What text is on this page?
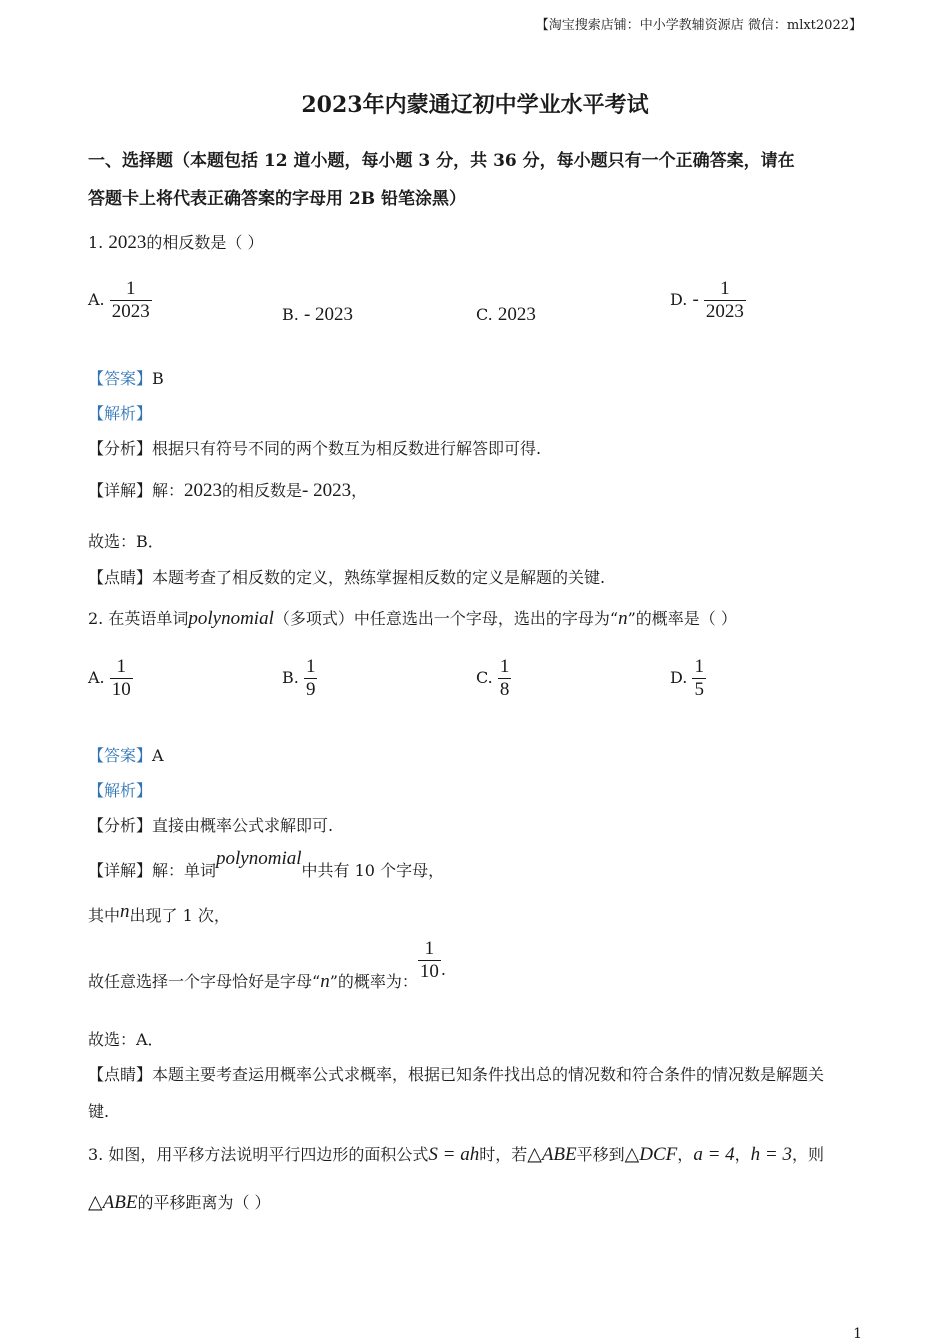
【淘宝搜索店铺：中小学教辅资源店 微信：mlxt2022】
2023年内蒙通辽初中学业水平考试
一、选择题（本题包括 12 道小题，每小题 3 分，共 36 分，每小题只有一个正确答案，请在
答题卡上将代表正确答案的字母用 2B 铅笔涂黑）
1. 2023的相反数是（ ）
A. $\frac{1}{2023}$	B. - 2023	C. 2023
D. - $\frac{1}{2023}$
【答案】B
【解析】
【分析】根据只有符号不同的两个数互为相反数进行解答即可得.
【详解】解：2023的相反数是- 2023，
故选：B．
【点睛】本题考查了相反数的定义，熟练掌握相反数的定义是解题的关键.
2. 在英语单词polynomial（多项式）中任意选出一个字母，选出的字母为“n”的概率是（ ）
A. $\frac{1}{10}$	B. $\frac{1}{9}$	C. $\frac{1}{8}$	D. $\frac{1}{5}$
【答案】A
【解析】
【分析】直接由概率公式求解即可.
【详解】解：单词polynomial中共有 10 个字母，
其中n出现了 1 次，
故任意选择一个字母恰好是字母“n”的概率为： $\frac{1}{10}$ .
故选：A．
【点睛】本题主要考查运用概率公式求概率，根据已知条件找出总的情况数和符合条件的情况数是解题关
键.
3. 如图，用平移方法说明平行四边形的面积公式S = ah时，若△ABE平移到△DCF，a = 4，h = 3，则
△ABE的平移距离为（ ）
1
